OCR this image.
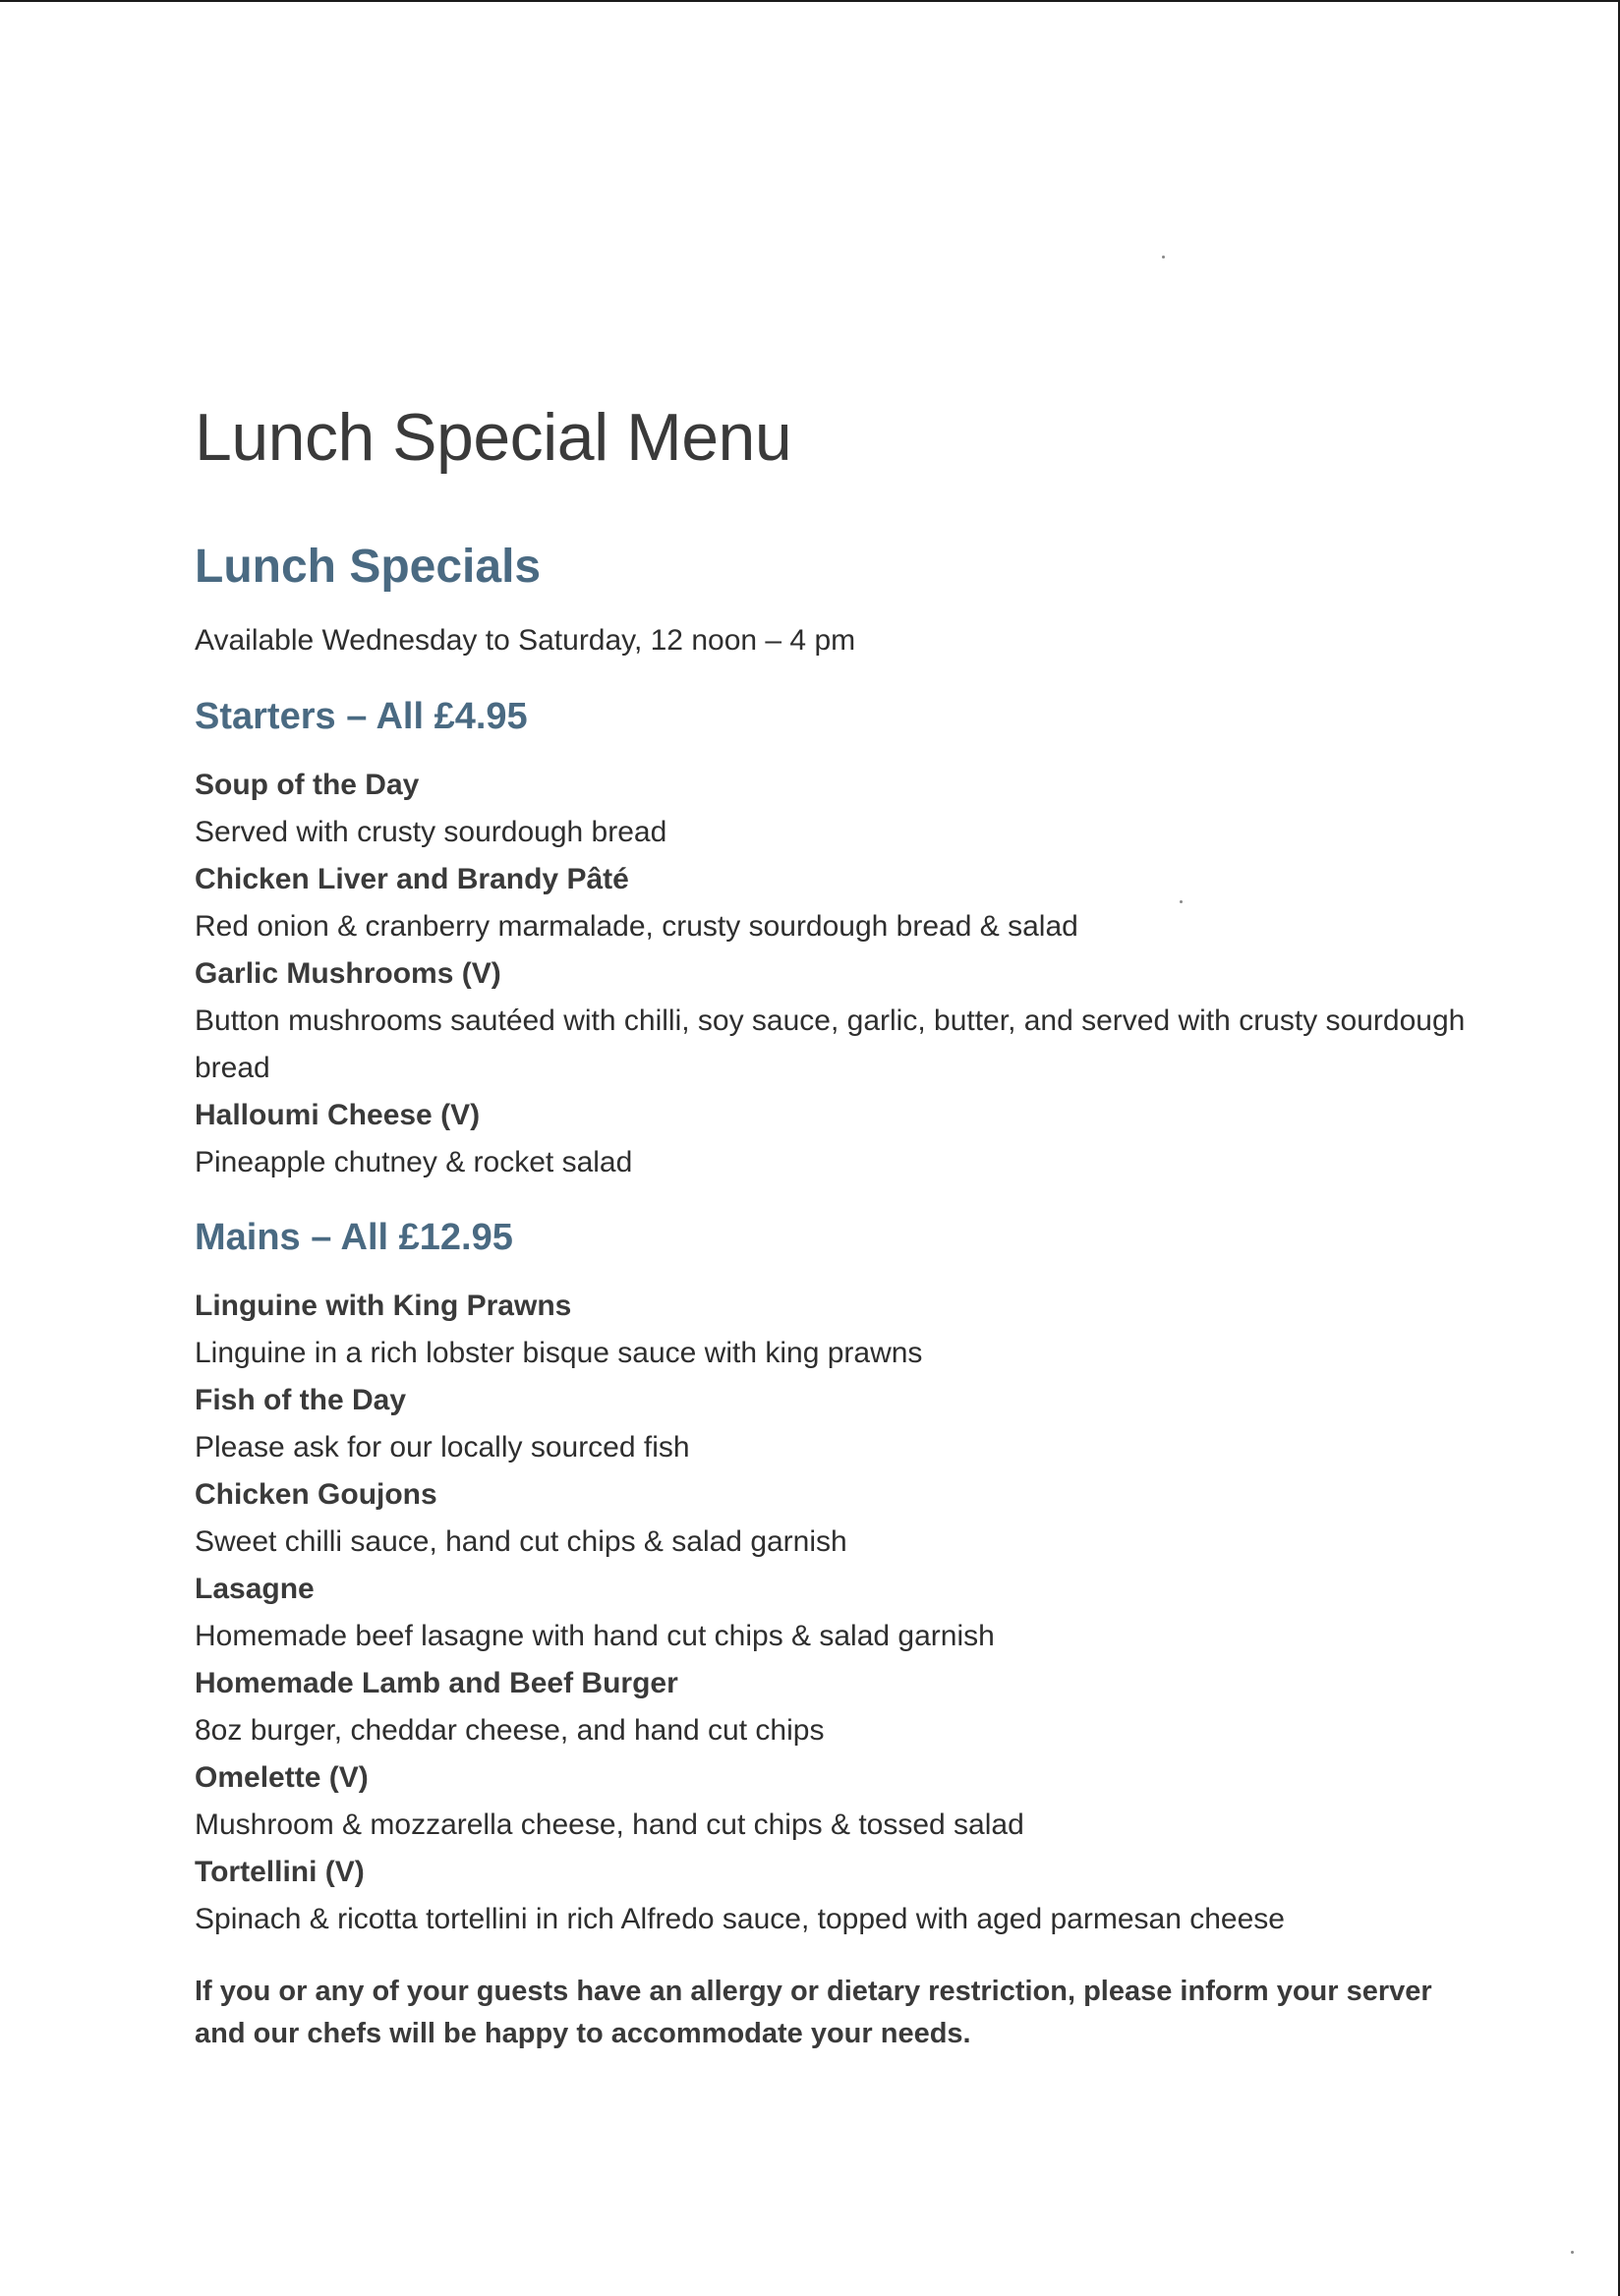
Lunch Special Menu
Lunch Specials

Available Wednesday to Saturday, 12 noon – 4 pm

Starters – All £4.95

Soup of the Day

Served with crusty sourdough bread

Chicken Liver and Brandy Pâté

Red onion & cranberry marmalade, crusty sourdough bread & salad

Garlic Mushrooms (V)

Button mushrooms sautéed with chilli, soy sauce, garlic, butter, and served with crusty sourdough bread

Halloumi Cheese (V)

Pineapple chutney & rocket salad

Mains – All £12.95

Linguine with King Prawns

Linguine in a rich lobster bisque sauce with king prawns

Fish of the Day

Please ask for our locally sourced fish

Chicken Goujons

Sweet chilli sauce, hand cut chips & salad garnish

Lasagne

Homemade beef lasagne with hand cut chips & salad garnish

Homemade Lamb and Beef Burger

8oz burger, cheddar cheese, and hand cut chips

Omelette (V)

Mushroom & mozzarella cheese, hand cut chips & tossed salad

Tortellini (V)

Spinach & ricotta tortellini in rich Alfredo sauce, topped with aged parmesan cheese

If you or any of your guests have an allergy or dietary restriction, please inform your server and our chefs will be happy to accommodate your needs.
